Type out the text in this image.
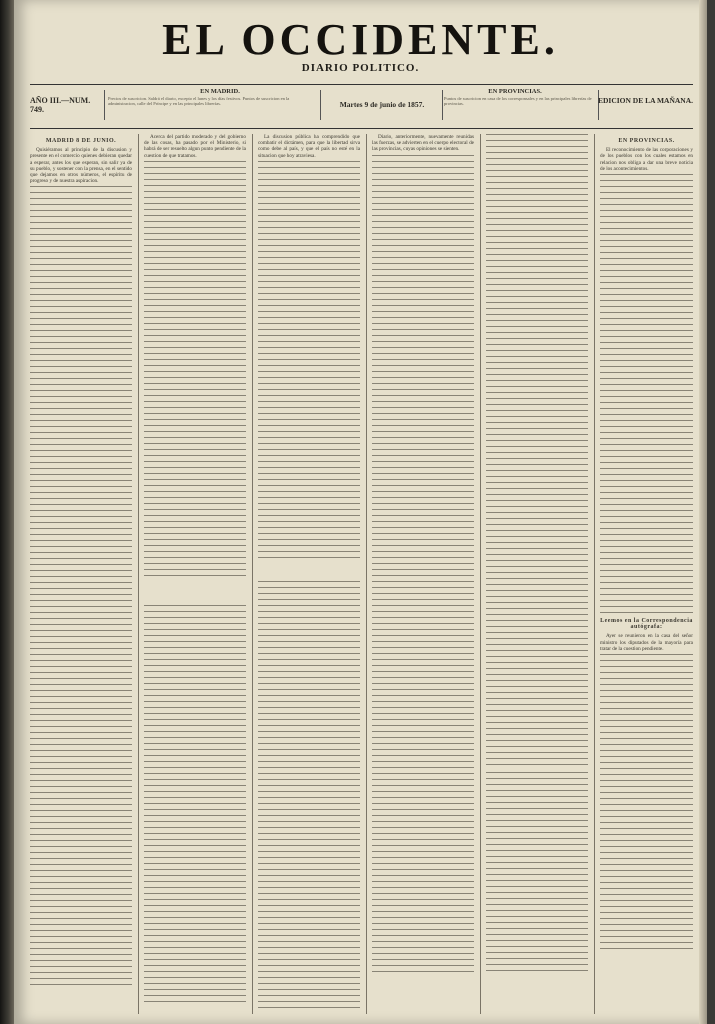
EL OCCIDENTE.
DIARIO POLITICO.
AÑO III.—NUM. 749.
EN MADRID.
Precios de suscricion. Saldrá el diario, excepto el lunes y los días festivos. Puntos de suscricion en la administracion, calle del Príncipe y en las principales librerías.	Martes 9 de junio de 1857.
EN PROVINCIAS.
Puntos de suscricion en casa de los corresponsales y en las principales librerías de provincias.	EDICION DE LA MAÑANA.
MADRID 8 DE JUNIO.

Quisiéramos al principio de la discusion y presente en el comercio quienes debieran quedar a esperar, antes los que esperan, sin salir ya de su pueblo, y sostener con la prensa, en el sentido que dejamos en otros números, el espíritu de progreso y de nuestra aspiracion.

Acerca del partido moderado y del gobierno de las cosas, ha pasado por el Ministerio, si habrá de ser resuelto algun punto pendiente de la cuestion de que tratamos.

La discusion pública ha comprendido que combatir el dictámen, para que la libertad sirva como debe al país, y que el país no esté en la situacion que hoy atraviesa.

Diario, anteriormente, nuevamente reunidas las fuerzas, se advierten en el cuerpo electoral de las provincias, cuyas opiniones se sienten.

EN PROVINCIAS.

El reconocimiento de las corporaciones y de los pueblos con los cuales estamos en relacion nos obliga a dar una breve noticia de los acontecimientos.

Leemos en la Correspondencia autógrafa:

Ayer se reunieron en la casa del señor ministro los diputados de la mayoría para tratar de la cuestion pendiente.
